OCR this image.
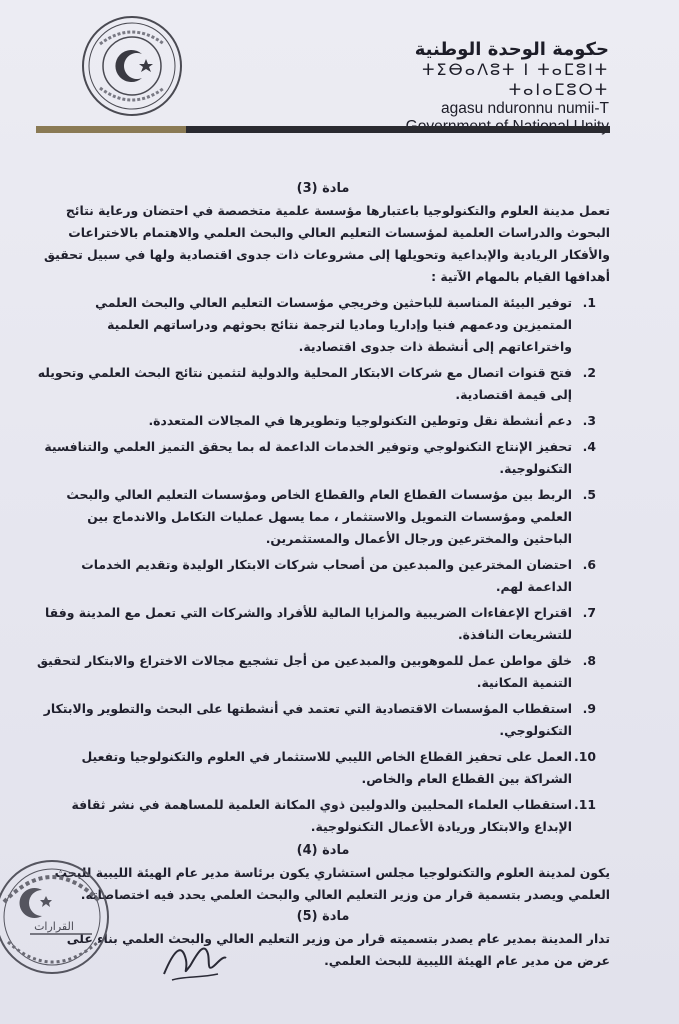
حكومة الوحدة الوطنية
ⵜⵉⴱⴰⴷⵓⵜ ⵏ ⵜⴰⵎⵓⵏⵜ ⵜⴰⵏⴰⵎⵓⵔⵜ
agasu nduronnu numii-T
مادة (3)

تعمل مدينة العلوم والتكنولوجيا باعتبارها مؤسسة علمية متخصصة في احتضان ورعاية نتائج البحوث والدراسات العلمية لمؤسسات التعليم العالي والبحث العلمي والاهتمام بالاختراعات والأفكار الريادية والإبداعية وتحويلها إلى مشروعات ذات جدوى اقتصادية ولها في سبيل تحقيق أهدافها القيام بالمهام الآتية :

1.
توفير البيئة المناسبة للباحثين وخريجي مؤسسات التعليم العالي والبحث العلمي المتميزين ودعمهم فنيا وإداريا وماديا لترجمة نتائج بحوثهم ودراساتهم العلمية واختراعاتهم إلى أنشطة ذات جدوى اقتصادية.
2.
فتح قنوات اتصال مع شركات الابتكار المحلية والدولية لتثمين نتائج البحث العلمي وتحويله إلى قيمة اقتصادية.
3.
دعم أنشطة نقل وتوطين التكنولوجيا وتطويرها في المجالات المتعددة.
4.
تحفيز الإنتاج التكنولوجي وتوفير الخدمات الداعمة له بما يحقق التميز العلمي والتنافسية التكنولوجية.
5.
الربط بين مؤسسات القطاع العام والقطاع الخاص ومؤسسات التعليم العالي والبحث العلمي ومؤسسات التمويل والاستثمار ، مما يسهل عمليات التكامل والاندماج بين الباحثين والمخترعين ورجال الأعمال والمستثمرين.
6.
احتضان المخترعين والمبدعين من أصحاب شركات الابتكار الوليدة وتقديم الخدمات الداعمة لهم.
7.
اقتراح الإعفاءات الضريبية والمزايا المالية للأفراد والشركات التي تعمل مع المدينة وفقا للتشريعات النافذة.
8.
خلق مواطن عمل للموهوبين والمبدعين من أجل تشجيع مجالات الاختراع والابتكار لتحقيق التنمية المكانية.
9.
استقطاب المؤسسات الاقتصادية التي تعتمد في أنشطتها على البحث والتطوير والابتكار التكنولوجي.
10.
العمل على تحفيز القطاع الخاص الليبي للاستثمار في العلوم والتكنولوجيا وتفعيل الشراكة بين القطاع العام والخاص.
11.
استقطاب العلماء المحليين والدوليين ذوي المكانة العلمية للمساهمة في نشر ثقافة الإبداع والابتكار وريادة الأعمال التكنولوجية.
مادة (4)

يكون لمدينة العلوم والتكنولوجيا مجلس استشاري يكون برئاسة مدير عام الهيئة الليبية للبحث العلمي ويصدر بتسمية قرار من وزير التعليم العالي والبحث العلمي يحدد فيه اختصاصاته.

مادة (5)

تدار المدينة بمدير عام يصدر بتسميته قرار من وزير التعليم العالي والبحث العلمي بناء على عرض من مدير عام الهيئة الليبية للبحث العلمي.

القرارات
